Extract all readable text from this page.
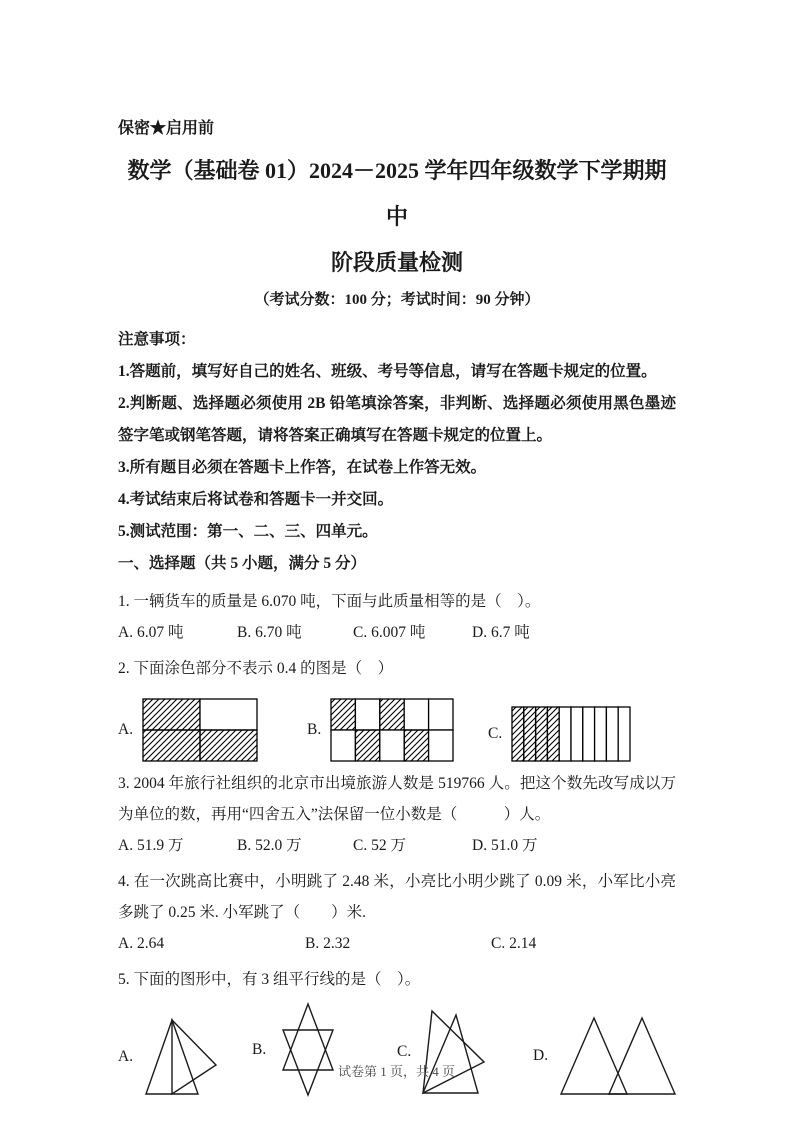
保密★启用前
数学（基础卷 01）2024－2025 学年四年级数学下学期期中
阶段质量检测
（考试分数：100 分；考试时间：90 分钟）
注意事项：
1.答题前，填写好自己的姓名、班级、考号等信息，请写在答题卡规定的位置。
2.判断题、选择题必须使用 2B 铅笔填涂答案，非判断、选择题必须使用黑色墨迹签字笔或钢笔答题，请将答案正确填写在答题卡规定的位置上。
3.所有题目必须在答题卡上作答，在试卷上作答无效。
4.考试结束后将试卷和答题卡一并交回。
5.测试范围：第一、二、三、四单元。
一、选择题（共 5 小题，满分 5 分）
1. 一辆货车的质量是 6.070 吨，下面与此质量相等的是（　）。
A. 6.07 吨	B. 6.70 吨	C. 6.007 吨	D. 6.7 吨
2. 下面涂色部分不表示 0.4 的图是（　）
A.	B.	C.
3. 2004 年旅行社组织的北京市出境旅游人数是 519766 人。把这个数先改写成以万为单位的数，再用“四舍五入”法保留一位小数是（　　　）人。
A. 51.9 万	B. 52.0 万	C. 52 万	D. 51.0 万
4. 在一次跳高比赛中，小明跳了 2.48 米，小亮比小明少跳了 0.09 米，小军比小亮多跳了 0.25 米. 小军跳了（　　）米.
A. 2.64	B. 2.32	C. 2.14
5. 下面的图形中，有 3 组平行线的是（　）。
A.	B.	C.	D.
试卷第 1 页，共 4 页
